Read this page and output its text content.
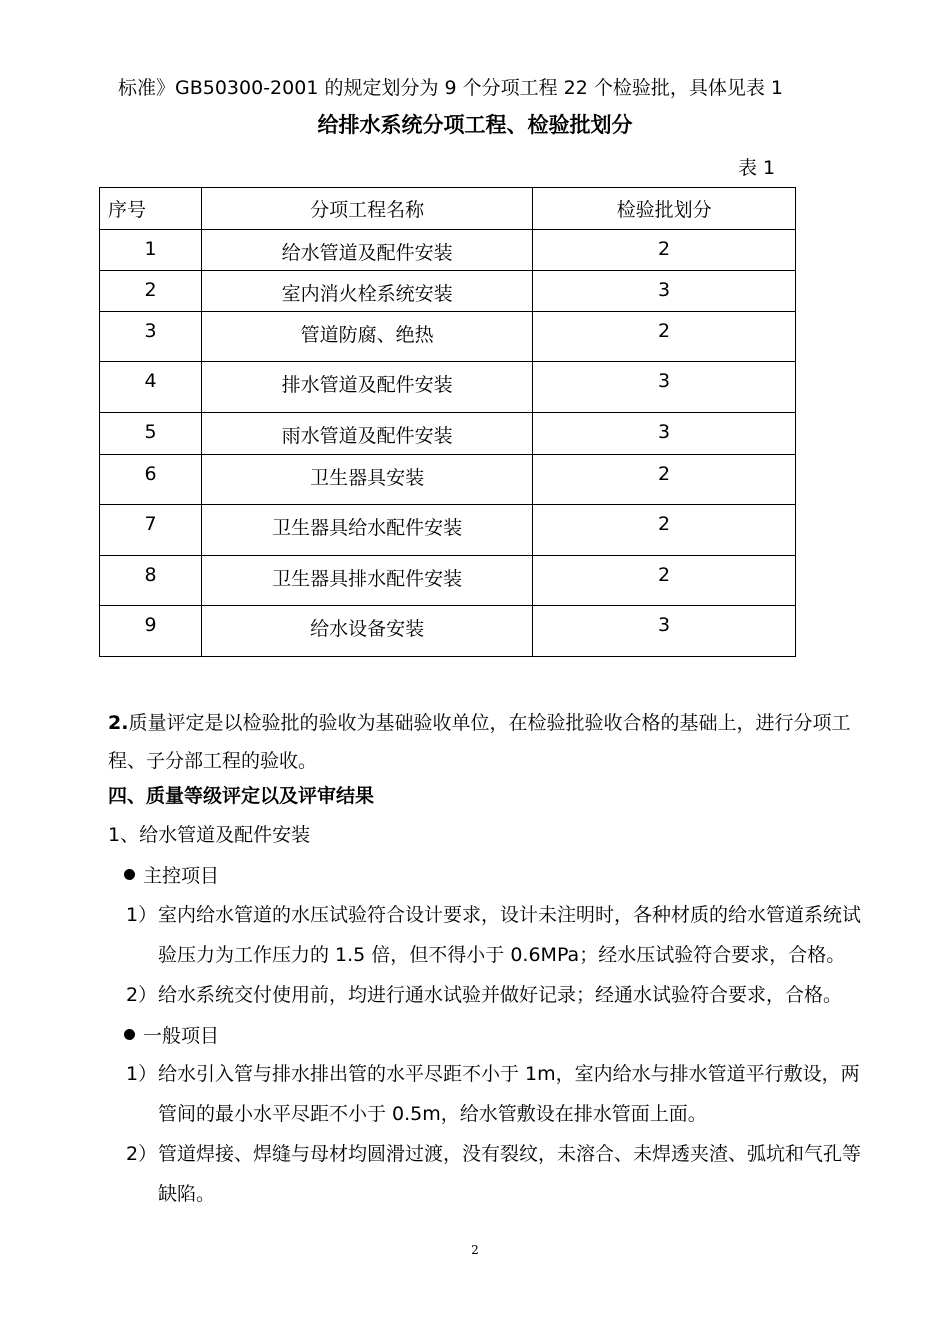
标准》GB50300-2001 的规定划分为 9 个分项工程 22 个检验批，具体见表 1
给排水系统分项工程、检验批划分
表 1
序号	分项工程名称	检验批划分
1	给水管道及配件安装	2
2	室内消火栓系统安装	3
3	管道防腐、绝热	2
4	排水管道及配件安装	3
5	雨水管道及配件安装	3
6	卫生器具安装	2
7	卫生器具给水配件安装	2
8	卫生器具排水配件安装	2
9	给水设备安装	3
2.质量评定是以检验批的验收为基础验收单位，在检验批验收合格的基础上，进行分项工程、子分部工程的验收。
四、质量等级评定以及评审结果
1、给水管道及配件安装
主控项目
1）室内给水管道的水压试验符合设计要求，设计未注明时，各种材质的给水管道系统试
验压力为工作压力的 1.5 倍，但不得小于 0.6MPa；经水压试验符合要求，合格。
2）给水系统交付使用前，均进行通水试验并做好记录；经通水试验符合要求，合格。
一般项目
1）给水引入管与排水排出管的水平尽距不小于 1m，室内给水与排水管道平行敷设，两
管间的最小水平尽距不小于 0.5m，给水管敷设在排水管面上面。
2）管道焊接、焊缝与母材均圆滑过渡，没有裂纹，未溶合、未焊透夹渣、弧坑和气孔等
缺陷。
2
